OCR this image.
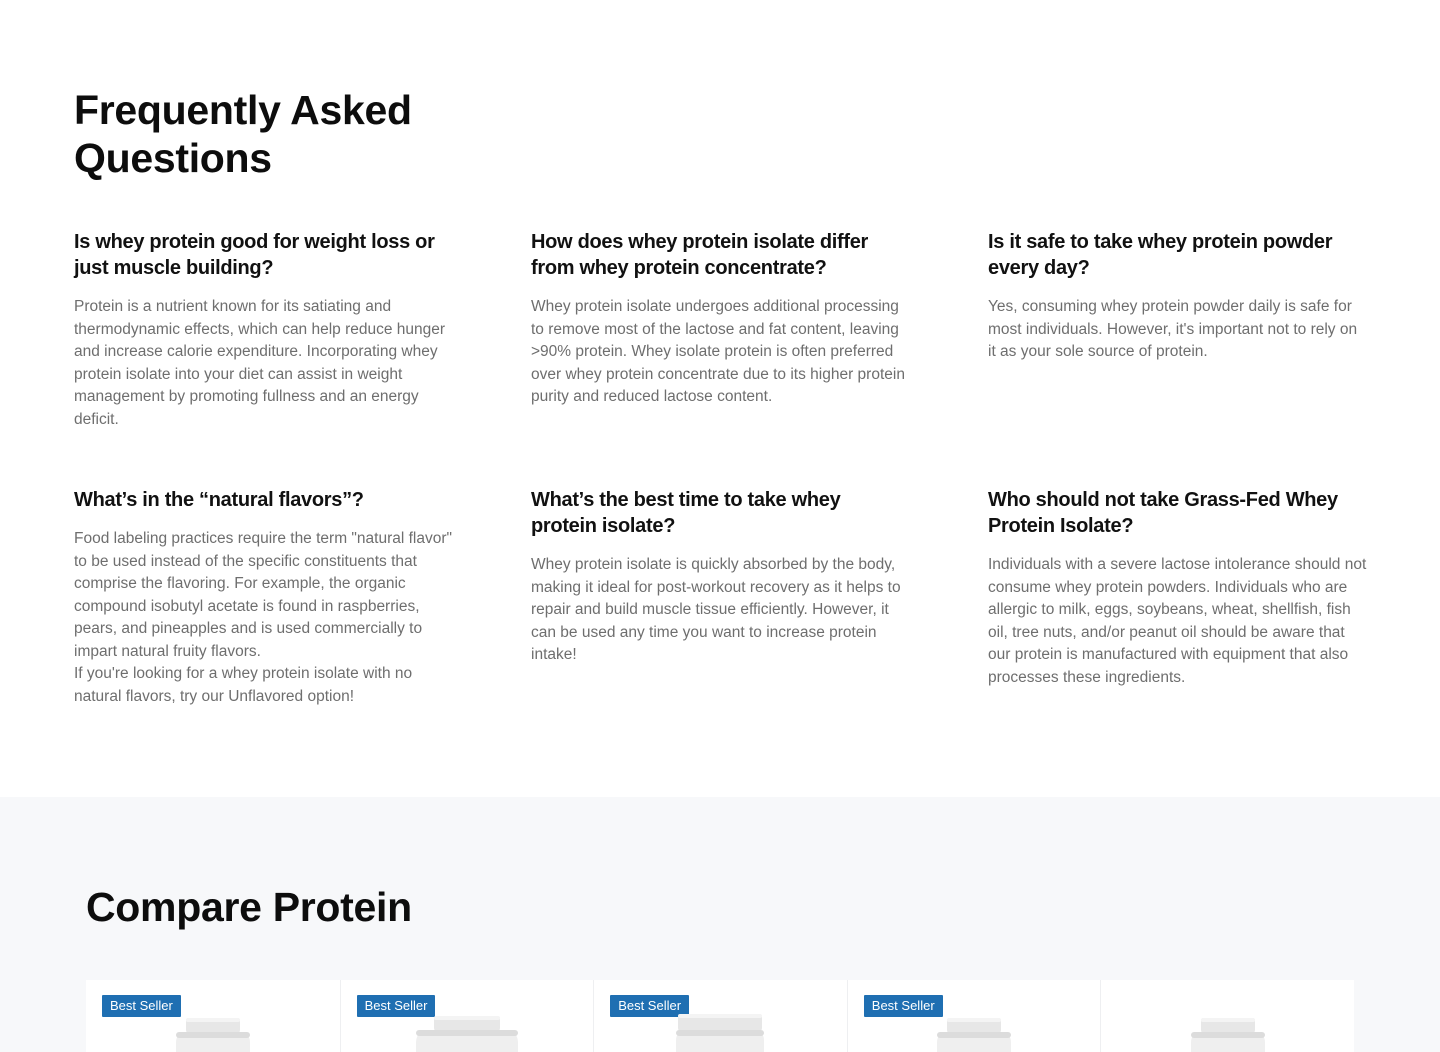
Frequently Asked Questions
Is whey protein good for weight loss or just muscle building?

Protein is a nutrient known for its satiating and thermodynamic effects, which can help reduce hunger and increase calorie expenditure. Incorporating whey protein isolate into your diet can assist in weight management by promoting fullness and an energy deficit.

How does whey protein isolate differ from whey protein concentrate?

Whey protein isolate undergoes additional processing to remove most of the lactose and fat content, leaving >90% protein. Whey isolate protein is often preferred over whey protein concentrate due to its higher protein purity and reduced lactose content.

Is it safe to take whey protein powder every day?

Yes, consuming whey protein powder daily is safe for most individuals. However, it's important not to rely on it as your sole source of protein.

What’s in the “natural flavors”?

Food labeling practices require the term "natural flavor" to be used instead of the specific constituents that comprise the flavoring. For example, the organic compound isobutyl acetate is found in raspberries, pears, and pineapples and is used commercially to impart natural fruity flavors.
If you're looking for a whey protein isolate with no natural flavors, try our Unflavored option!

What’s the best time to take whey protein isolate?

Whey protein isolate is quickly absorbed by the body, making it ideal for post-workout recovery as it helps to repair and build muscle tissue efficiently. However, it can be used any time you want to increase protein intake!

Who should not take Grass-Fed Whey Protein Isolate?

Individuals with a severe lactose intolerance should not consume whey protein powders. Individuals who are allergic to milk, eggs, soybeans, wheat, shellfish, fish oil, tree nuts, and/or peanut oil should be aware that our protein is manufactured with equipment that also processes these ingredients.

Compare Protein
Best Seller	Best Seller	Best Seller	Best Seller
